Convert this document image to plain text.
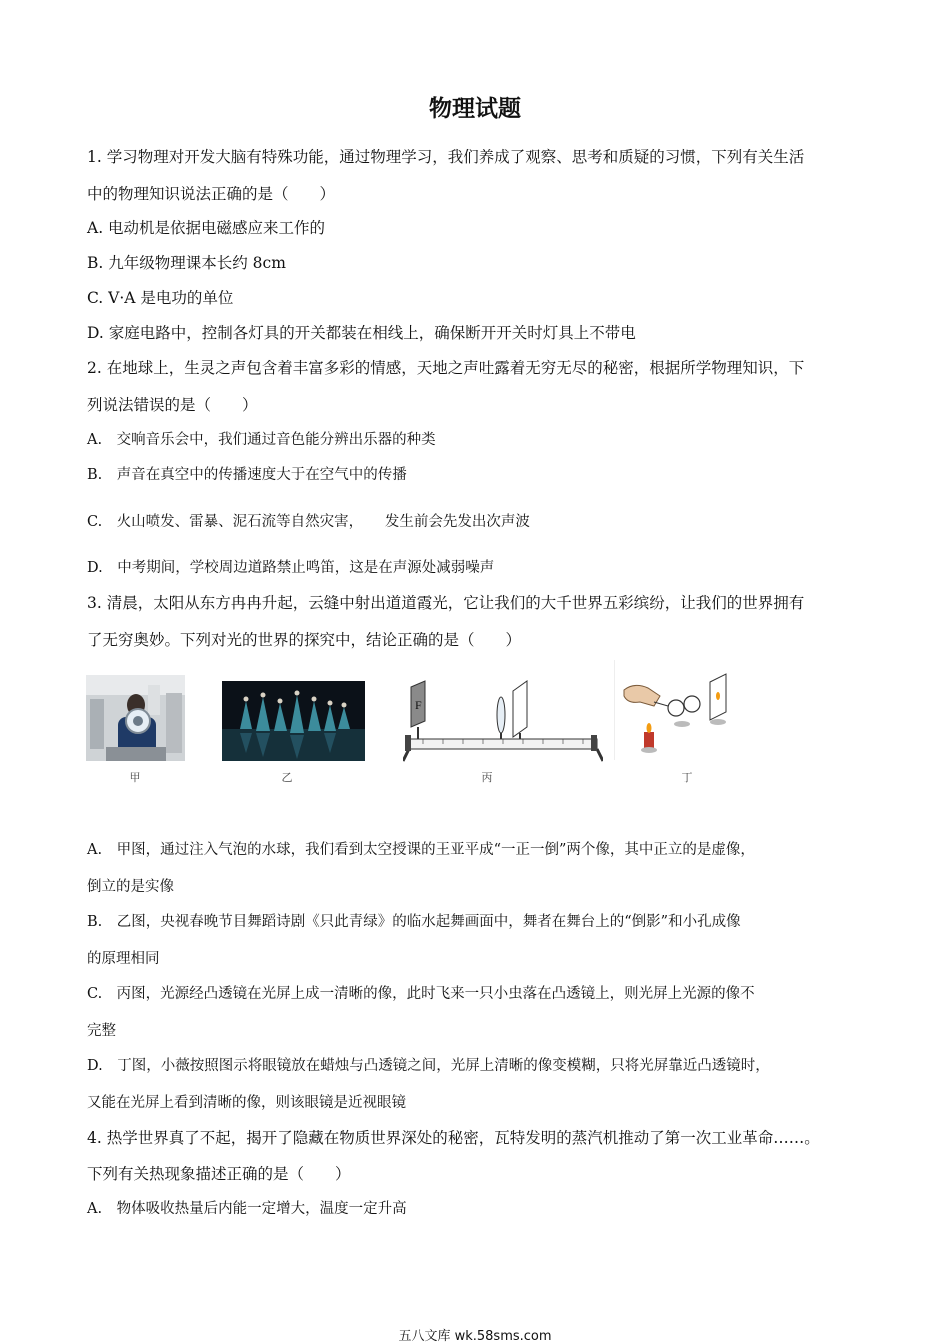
物理试题
1. 学习物理对开发大脑有特殊功能，通过物理学习，我们养成了观察、思考和质疑的习惯，下列有关生活
中的物理知识说法正确的是（　　）
A. 电动机是依据电磁感应来工作的
B. 九年级物理课本长约 8cm
C. V·A 是电功的单位
D. 家庭电路中，控制各灯具的开关都装在相线上，确保断开开关时灯具上不带电
2. 在地球上，生灵之声包含着丰富多彩的情感，天地之声吐露着无穷无尽的秘密，根据所学物理知识，下
列说法错误的是（　　）
A.　交响音乐会中，我们通过音色能分辨出乐器的种类
B.　声音在真空中的传播速度大于在空气中的传播
C.　火山喷发、雷暴、泥石流等自然灾害，　　发生前会先发出次声波
D.　中考期间，学校周边道路禁止鸣笛，这是在声源处减弱噪声
3. 清晨，太阳从东方冉冉升起，云缝中射出道道霞光，它让我们的大千世界五彩缤纷，让我们的世界拥有
了无穷奥妙。下列对光的世界的探究中，结论正确的是（　　）
甲	乙
F
丙	丁
A.　甲图，通过注入气泡的水球，我们看到太空授课的王亚平成“一正一倒”两个像，其中正立的是虚像，
倒立的是实像
B.　乙图，央视春晚节目舞蹈诗剧《只此青绿》的临水起舞画面中，舞者在舞台上的“倒影”和小孔成像
的原理相同
C.　丙图，光源经凸透镜在光屏上成一清晰的像，此时飞来一只小虫落在凸透镜上，则光屏上光源的像不
完整
D.　丁图，小薇按照图示将眼镜放在蜡烛与凸透镜之间，光屏上清晰的像变模糊，只将光屏靠近凸透镜时，
又能在光屏上看到清晰的像，则该眼镜是近视眼镜
4. 热学世界真了不起，揭开了隐藏在物质世界深处的秘密，瓦特发明的蒸汽机推动了第一次工业革命……。
下列有关热现象描述正确的是（　　）
A.　物体吸收热量后内能一定增大，温度一定升高
五八文库 wk.58sms.com
